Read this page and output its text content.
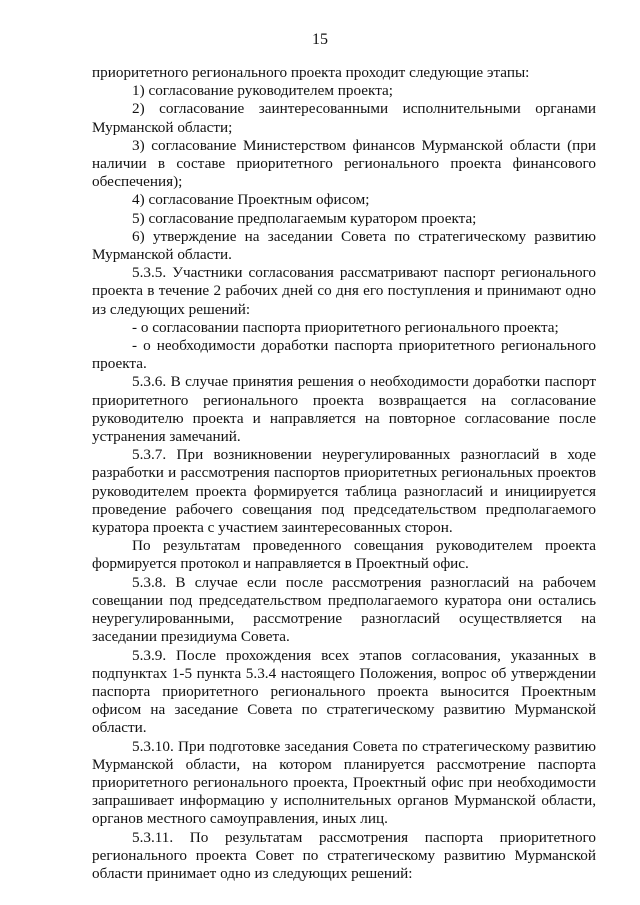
15

приоритетного регионального проекта проходит следующие этапы:

1) согласование руководителем проекта;

2) согласование заинтересованными исполнительными органами Мурманской области;

3) согласование Министерством финансов Мурманской области (при наличии в составе приоритетного регионального проекта финансового обеспечения);

4) согласование Проектным офисом;

5) согласование предполагаемым куратором проекта;

6) утверждение на заседании Совета по стратегическому развитию Мурманской области.

5.3.5. Участники согласования рассматривают паспорт регионального проекта в течение 2 рабочих дней со дня его поступления и принимают одно из следующих решений:

- о согласовании паспорта приоритетного регионального проекта;

- о необходимости доработки паспорта приоритетного регионального проекта.

5.3.6. В случае принятия решения о необходимости доработки паспорт приоритетного регионального проекта возвращается на согласование руководителю проекта и направляется на повторное согласование после устранения замечаний.

5.3.7. При возникновении неурегулированных разногласий в ходе разработки и рассмотрения паспортов приоритетных региональных проектов руководителем проекта формируется таблица разногласий и инициируется проведение рабочего совещания под председательством предполагаемого куратора проекта с участием заинтересованных сторон.

По результатам проведенного совещания руководителем проекта формируется протокол и направляется в Проектный офис.

5.3.8. В случае если после рассмотрения разногласий на рабочем совещании под председательством предполагаемого куратора они остались неурегулированными, рассмотрение разногласий осуществляется на заседании президиума Совета.

5.3.9. После прохождения всех этапов согласования, указанных в подпунктах 1-5 пункта 5.3.4 настоящего Положения, вопрос об утверждении паспорта приоритетного регионального проекта выносится Проектным офисом на заседание Совета по стратегическому развитию Мурманской области.

5.3.10. При подготовке заседания Совета по стратегическому развитию Мурманской области, на котором планируется рассмотрение паспорта приоритетного регионального проекта, Проектный офис при необходимости запрашивает информацию у исполнительных органов Мурманской области, органов местного самоуправления, иных лиц.

5.3.11. По результатам рассмотрения паспорта приоритетного регионального проекта Совет по стратегическому развитию Мурманской области принимает одно из следующих решений:
